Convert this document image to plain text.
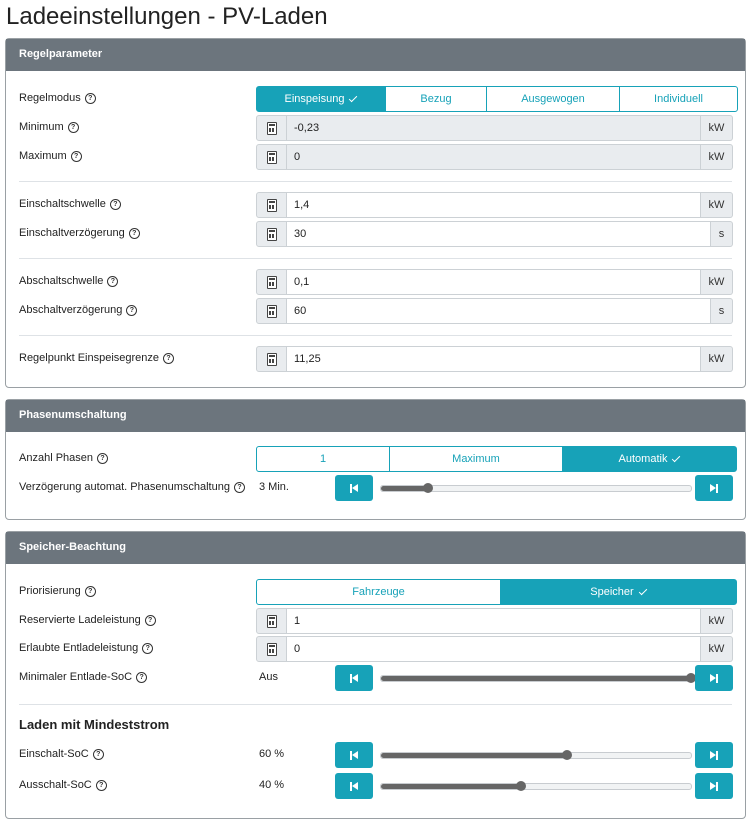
Ladeeinstellungen - PV-Laden
Regelparameter
Regelmodus	?	Einspeisung	Bezug	Ausgewogen	Individuell
Minimum	?	-0,23	kW
Maximum	?	0	kW
Einschaltschwelle	?	1,4	kW
Einschaltverzögerung	?	30	s
Abschaltschwelle	?	0,1	kW
Abschaltverzögerung	?	60	s
Regelpunkt Einspeisegrenze	?	11,25	kW
Phasenumschaltung
Anzahl Phasen	?	1	Maximum	Automatik
Verzögerung automat. Phasenumschaltung	?	3 Min.
Speicher-Beachtung
Priorisierung	?	Fahrzeuge	Speicher
Reservierte Ladeleistung	?	1	kW
Erlaubte Entladeleistung	?	0	kW
Minimaler Entlade-SoC	?	Aus
Laden mit Mindeststrom
Einschalt-SoC	?	60 %
Ausschalt-SoC	?	40 %
